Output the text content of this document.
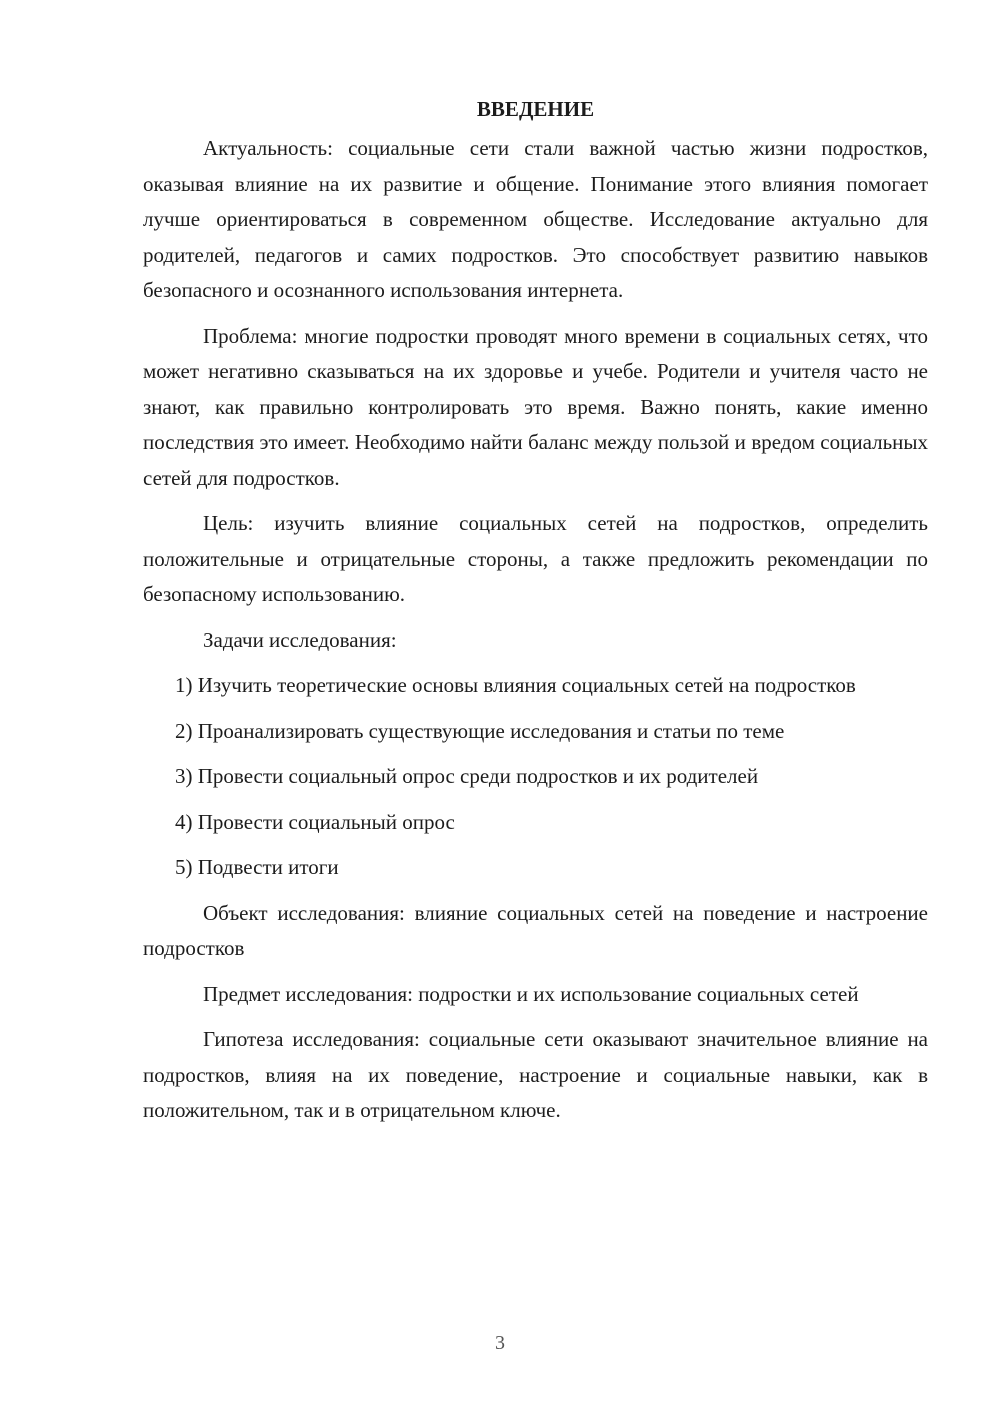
ВВЕДЕНИЕ

Актуальность: социальные сети стали важной частью жизни подростков, оказывая влияние на их развитие и общение. Понимание этого влияния помогает лучше ориентироваться в современном обществе. Исследование актуально для родителей, педагогов и самих подростков. Это способствует развитию навыков безопасного и осознанного использования интернета.

Проблема: многие подростки проводят много времени в социальных сетях, что может негативно сказываться на их здоровье и учебе. Родители и учителя часто не знают, как правильно контролировать это время. Важно понять, какие именно последствия это имеет. Необходимо найти баланс между пользой и вредом социальных сетей для подростков.

Цель: изучить влияние социальных сетей на подростков, определить положительные и отрицательные стороны, а также предложить рекомендации по безопасному использованию.

Задачи исследования:

1) Изучить теоретические основы влияния социальных сетей на подростков
2) Проанализировать существующие исследования и статьи по теме
3) Провести социальный опрос среди подростков и их родителей
4) Провести социальный опрос
5) Подвести итоги

Объект исследования: влияние социальных сетей на поведение и настроение подростков

Предмет исследования: подростки и их использование социальных сетей

Гипотеза исследования: социальные сети оказывают значительное влияние на подростков, влияя на их поведение, настроение и социальные навыки, как в положительном, так и в отрицательном ключе.

3
